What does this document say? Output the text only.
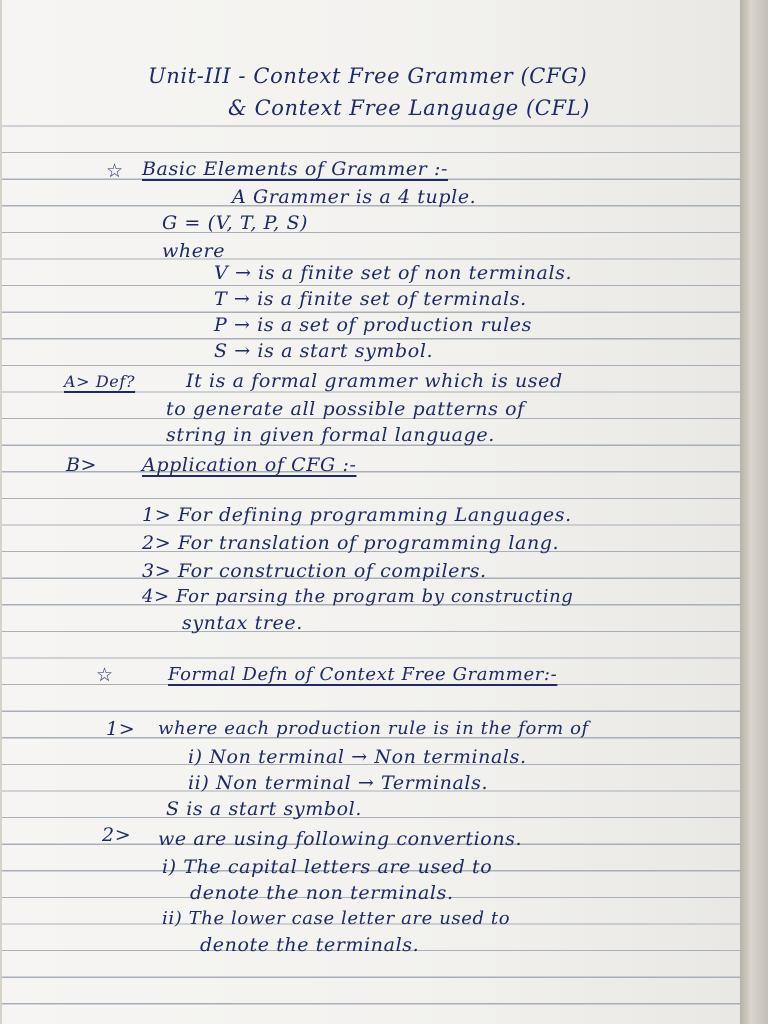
Unit-III - Context Free Grammer (CFG)
& Context Free Language (CFL)
☆ Basic Elements of Grammer :-
A Grammer is a 4 tuple.
G = (V, T, P, S)
where
V → is a finite set of non terminals.
T → is a finite set of terminals.
P → is a set of production rules
S → is a start symbol.
A> Def?	It is a formal grammer which is used
to generate all possible patterns of
string in given formal language.
B> Application of CFG :-
1> For defining programming Languages.
2> For translation of programming lang.
3> For construction of compilers.
4> For parsing the program by constructing
syntax tree.
☆	Formal Defn of Context Free Grammer:-
1> where each production rule is in the form of
i) Non terminal → Non terminals.
ii) Non terminal → Terminals.
S is a start symbol.
2> we are using following convertions.
i) The capital letters are used to
denote the non terminals.
ii) The lower case letter are used to
denote the terminals.
